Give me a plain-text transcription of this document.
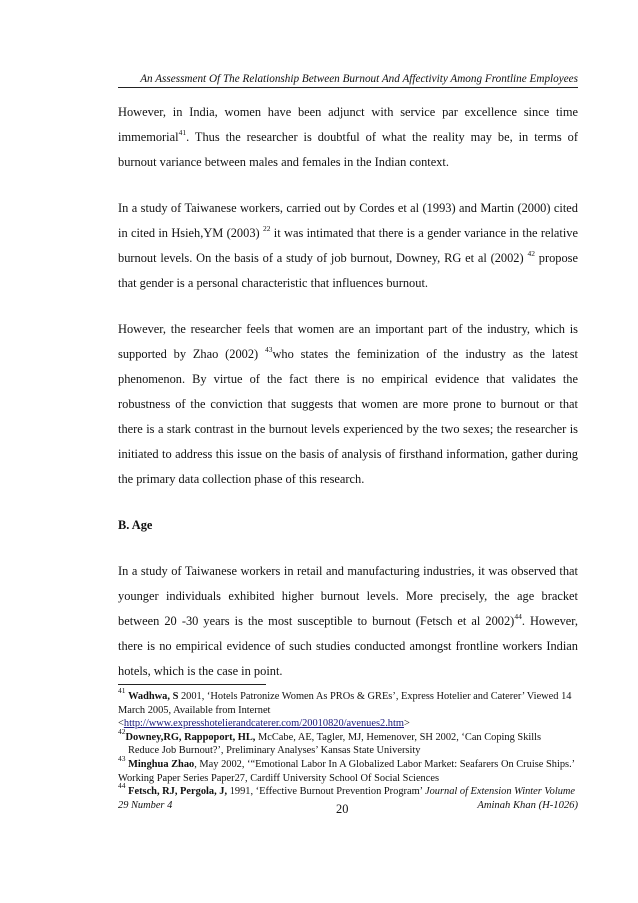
An Assessment Of The Relationship Between Burnout And Affectivity Among Frontline Employees

However, in India, women have been adjunct with service par excellence since time immemorial$^{41}$. Thus the researcher is doubtful of what the reality may be, in terms of burnout variance between males and females in the Indian context.

In a study of Taiwanese workers, carried out by Cordes et al (1993) and Martin (2000) cited in cited in Hsieh,YM (2003) $^{22}$ it was intimated that there is a gender variance in the relative burnout levels. On the basis of a study of job burnout, Downey, RG et al (2002) $^{42}$ propose that gender is a personal characteristic that influences burnout.

However, the researcher feels that women are an important part of the industry, which is supported by Zhao (2002) $^{43}$who states the feminization of the industry as the latest phenomenon. By virtue of the fact there is no empirical evidence that validates the robustness of the conviction that suggests that women are more prone to burnout or that there is a stark contrast in the burnout levels experienced by the two sexes; the researcher is initiated to address this issue on the basis of analysis of firsthand information, gather during the primary data collection phase of this research.

B. Age

In a study of Taiwanese workers in retail and manufacturing industries, it was observed that younger individuals exhibited higher burnout levels. More precisely, the age bracket between 20 -30 years is the most susceptible to burnout (Fetsch et al 2002)$^{44}$. However, there is no empirical evidence of such studies conducted amongst frontline workers Indian hotels, which is the case in point.

$^{41}$ Wadhwa, S 2001, ‘Hotels Patronize Women As PROs & GREs’, Express Hotelier and Caterer’ Viewed 14 March 2005, Available from Internet
<http://www.expresshotelierandcaterer.com/20010820/avenues2.htm>

$^{42}$Downey,RG, Rappoport, HL, McCabe, AE, Tagler, MJ, Hemenover, SH 2002, ‘Can Coping Skills
Reduce Job Burnout?’, Preliminary Analyses’ Kansas State University

$^{43}$ Minghua Zhao, May 2002, ‘“Emotional Labor In A Globalized Labor Market: Seafarers On Cruise Ships.’ Working Paper Series Paper27, Cardiff University School Of Social Sciences

$^{44}$ Fetsch, RJ, Pergola, J, 1991, ‘Effective Burnout Prevention Program’ Journal of Extension Winter Volume 29 Number 4	20	Aminah Khan (H-1026)
